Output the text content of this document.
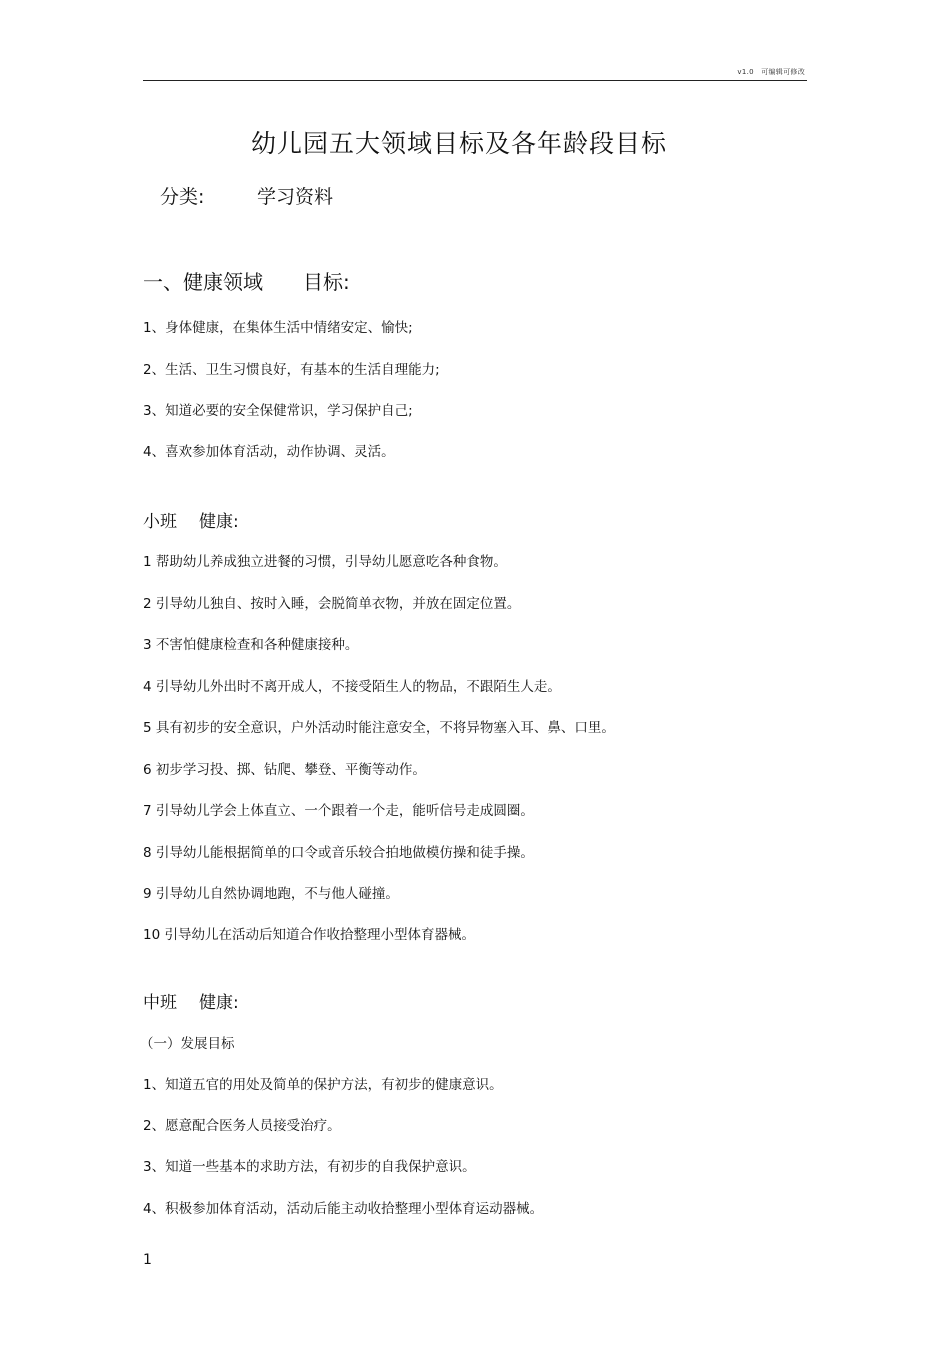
v1.0　可编辑可修改
幼儿园五大领域目标及各年龄段目标
分类:	学习资料
一、健康领域 目标:
1、身体健康，在集体生活中情绪安定、愉快;
2、生活、卫生习惯良好，有基本的生活自理能力;
3、知道必要的安全保健常识，学习保护自己;
4、喜欢参加体育活动，动作协调、灵活。
小班 健康:
1 帮助幼儿养成独立进餐的习惯，引导幼儿愿意吃各种食物。
2 引导幼儿独自、按时入睡，会脱简单衣物，并放在固定位置。
3 不害怕健康检查和各种健康接种。
4 引导幼儿外出时不离开成人，不接受陌生人的物品，不跟陌生人走。
5 具有初步的安全意识，户外活动时能注意安全，不将异物塞入耳、鼻、口里。
6 初步学习投、掷、钻爬、攀登、平衡等动作。
7 引导幼儿学会上体直立、一个跟着一个走，能听信号走成圆圈。
8 引导幼儿能根据简单的口令或音乐较合拍地做模仿操和徒手操。
9 引导幼儿自然协调地跑，不与他人碰撞。
10 引导幼儿在活动后知道合作收拾整理小型体育器械。
中班 健康:
（一）发展目标
1、知道五官的用处及简单的保护方法，有初步的健康意识。
2、愿意配合医务人员接受治疗。
3、知道一些基本的求助方法，有初步的自我保护意识。
4、积极参加体育活动，活动后能主动收拾整理小型体育运动器械。
1
